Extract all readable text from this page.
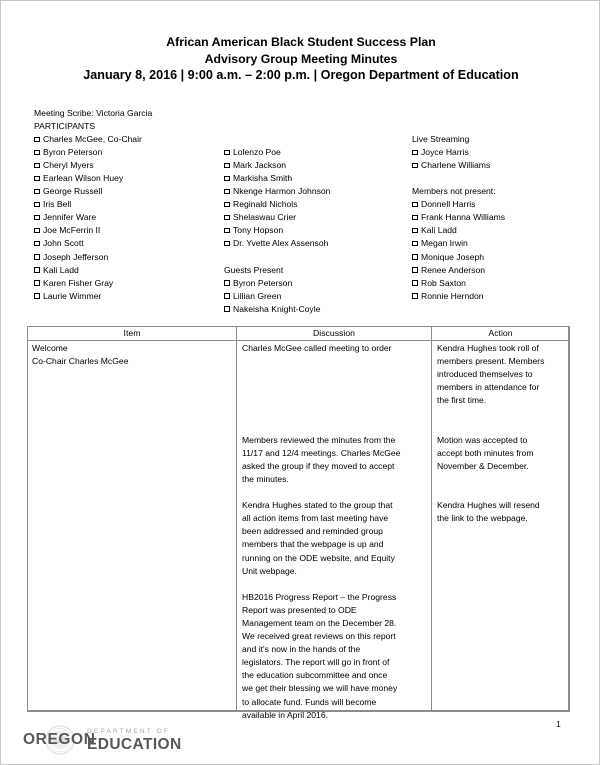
African American Black Student Success Plan
Advisory Group Meeting Minutes
January 8, 2016 | 9:00 a.m. – 2:00 p.m. | Oregon Department of Education
Meeting Scribe: Victoria Garcia
PARTICIPANTS
Charles McGee, Co-Chair
Byron Peterson
Cheryl Myers
Earlean Wilson Huey
George Russell
Iris Bell
Jennifer Ware
Joe McFerrin II
John Scott
Joseph Jefferson
Kali Ladd
Karen Fisher Gray
Laurie Wimmer
Lolenzo Poe
Mark Jackson
Markisha Smith
Nkenge Harmon Johnson
Reginald Nichols
Shelaswau Crier
Tony Hopson
Dr. Yvette Alex Assensoh
Guests Present
Byron Peterson
Lillian Green
Nakeisha Knight-Coyle
Live Streaming
Joyce Harris
Charlene Williams
Members not present:
Donnell Harris
Frank Hanna Williams
Kali Ladd
Megan Irwin
Monique Joseph
Renee Anderson
Rob Saxton
Ronnie Herndon
Item	Discussion	Action
Welcome
Co-Chair Charles McGee
Charles McGee called meeting to order

Members reviewed the minutes from the
11/17 and 12/4 meetings. Charles McGee
asked the group if they moved to accept
the minutes.

Kendra Hughes stated to the group that
all action items from last meeting have
been addressed and reminded group
members that the webpage is up and
running on the ODE website, and Equity
Unit webpage.

HB2016 Progress Report – the Progress
Report was presented to ODE
Management team on the December 28.
We received great reviews on this report
and it's now in the hands of the
legislators. The report will go in front of
the education subcommittee and once
we get their blessing we will have money
to allocate fund. Funds will become
available in April 2016.
Kendra Hughes took roll of
members present. Members
introduced themselves to
members in attendance for
the first time.

Motion was accepted to
accept both minutes from
November & December.

Kendra Hughes will resend
the link to the webpage.
OREGON
DEPARTMENT OF
EDUCATION
1
